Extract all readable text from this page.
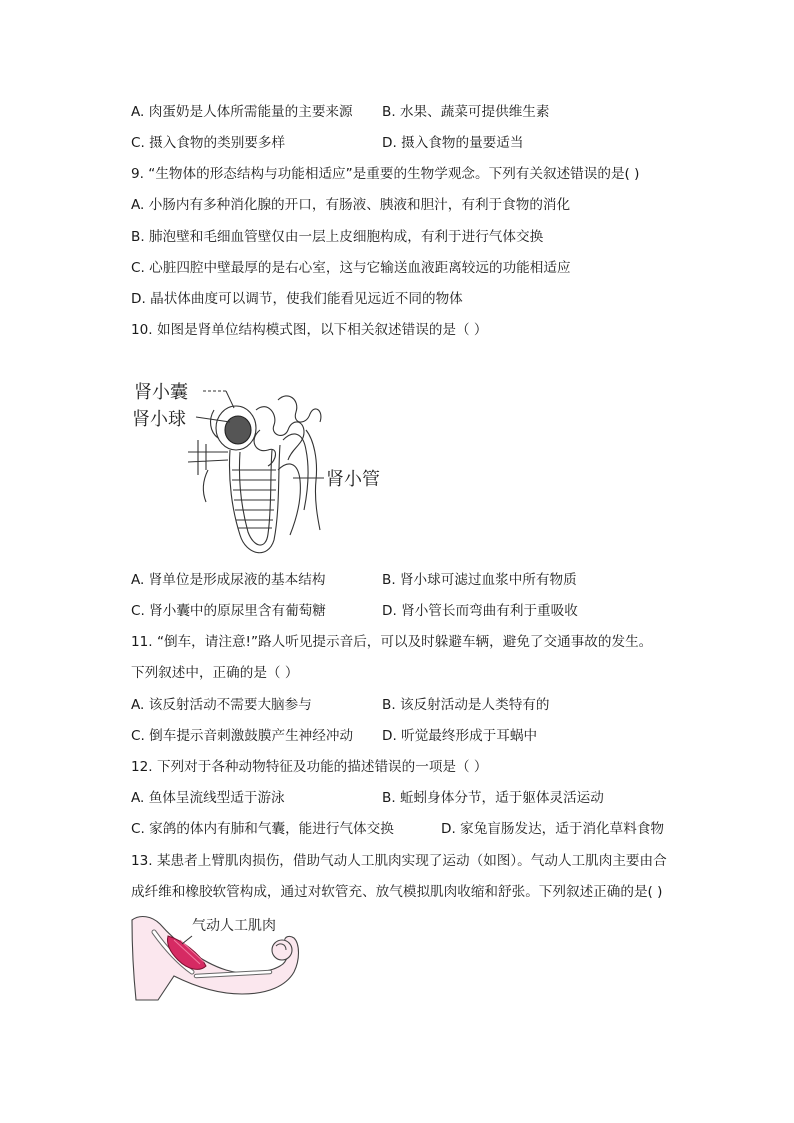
A. 肉蛋奶是人体所需能量的主要来源 B. 水果、蔬菜可提供维生素
C. 摄入食物的类别要多样	D. 摄入食物的量要适当
9. “生物体的形态结构与功能相适应”是重要的生物学观念。下列有关叙述错误的是( )
A. 小肠内有多种消化腺的开口，有肠液、胰液和胆汁，有利于食物的消化
B. 肺泡壁和毛细血管壁仅由一层上皮细胞构成，有利于进行气体交换
C. 心脏四腔中壁最厚的是右心室，这与它输送血液距离较远的功能相适应
D. 晶状体曲度可以调节，使我们能看见远近不同的物体
10. 如图是肾单位结构模式图，以下相关叙述错误的是（ ）
肾小囊
肾小球
肾小管
A. 肾单位是形成尿液的基本结构	B. 肾小球可滤过血浆中所有物质
C. 肾小囊中的原尿里含有葡萄糖	D. 肾小管长而弯曲有利于重吸收
11. “倒车，请注意!”路人听见提示音后，可以及时躲避车辆，避免了交通事故的发生。
下列叙述中，正确的是（ ）
A. 该反射活动不需要大脑参与	B. 该反射活动是人类特有的
C. 倒车提示音刺激鼓膜产生神经冲动 D. 听觉最终形成于耳蜗中
12. 下列对于各种动物特征及功能的描述错误的一项是（ ）
A. 鱼体呈流线型适于游泳	B. 蚯蚓身体分节，适于躯体灵活运动
C. 家鸽的体内有肺和气囊，能进行气体交换	D. 家兔盲肠发达，适于消化草料食物
13. 某患者上臂肌肉损伤，借助气动人工肌肉实现了运动（如图）。气动人工肌肉主要由合
成纤维和橡胶软管构成，通过对软管充、放气模拟肌肉收缩和舒张。下列叙述正确的是( )
气动人工肌肉
